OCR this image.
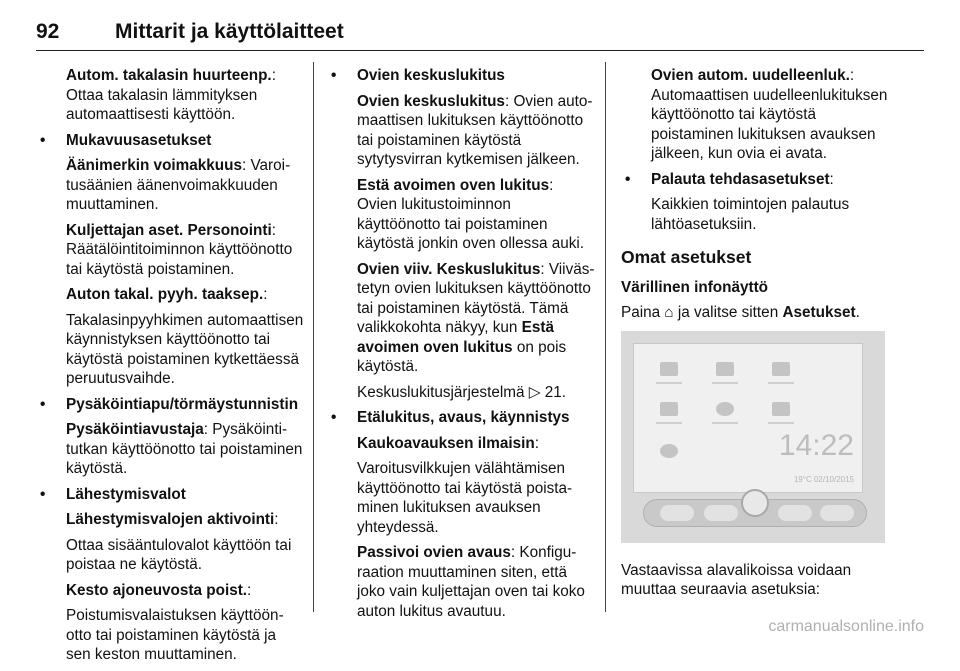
92	Mittarit ja käyttölaitteet

Autom. takalasin huurteenp.:
Ottaa takalasin lämmityksen automaattisesti käyttöön.

• Mukavuusasetukset

Äänimerkin voimakkuus: Varoitusäänien äänenvoimakkuuden muuttaminen.

Kuljettajan aset. Personointi:
Räätälöintitoiminnon käyttöönotto tai käytöstä poistaminen.

Auton takal. pyyh. taaksep.:

Takalasinpyyhkimen automaattisen käynnistyksen käyttöönotto tai käytöstä poistaminen kytkettäessä peruutusvaihde.

• Pysäköintiapu/törmäystunnistin

Pysäköintiavustaja: Pysäköintitutkan käyttöönotto tai poistaminen käytöstä.

• Lähestymisvalot

Lähestymisvalojen aktivointi:

Ottaa sisääntulovalot käyttöön tai poistaa ne käytöstä.

Kesto ajoneuvosta poist.:

Poistumisvalaistuksen käyttöönotto tai poistaminen käytöstä ja sen keston muuttaminen.

• Ovien keskuslukitus

Ovien keskuslukitus: Ovien automaattisen lukituksen käyttöönotto tai poistaminen käytöstä sytytysvirran kytkemisen jälkeen.

Estä avoimen oven lukitus: Ovien lukitustoiminnon käyttöönotto tai poistaminen käytöstä jonkin oven ollessa auki.

Ovien viiv. Keskuslukitus: Viivästetyn ovien lukituksen käyttöönotto tai poistaminen käytöstä. Tämä valikkokohta näkyy, kun Estä avoimen oven lukitus on pois käytöstä.

Keskuslukitusjärjestelmä ▷ 21.

• Etälukitus, avaus, käynnistys

Kaukoavauksen ilmaisin:

Varoitusvilkkujen välähtämisen käyttöönotto tai käytöstä poistaminen lukituksen avauksen yhteydessä.

Passivoi ovien avaus: Konfiguraation muuttaminen siten, että joko vain kuljettajan oven tai koko auton lukitus avautuu.

Ovien autom. uudelleenluk.:
Automaattisen uudelleenlukituksen käyttöönotto tai käytöstä poistaminen lukituksen avauksen jälkeen, kun ovia ei avata.

• Palauta tehdasasetukset:

Kaikkien toimintojen palautus lähtöasetuksiin.

Omat asetukset
Värillinen infonäyttö

Paina ⌂ ja valitse sitten Asetukset.

14:22
19°C 02/10/2015

Vastaavissa alavalikoissa voidaan muuttaa seuraavia asetuksia:

carmanualsonline.info
